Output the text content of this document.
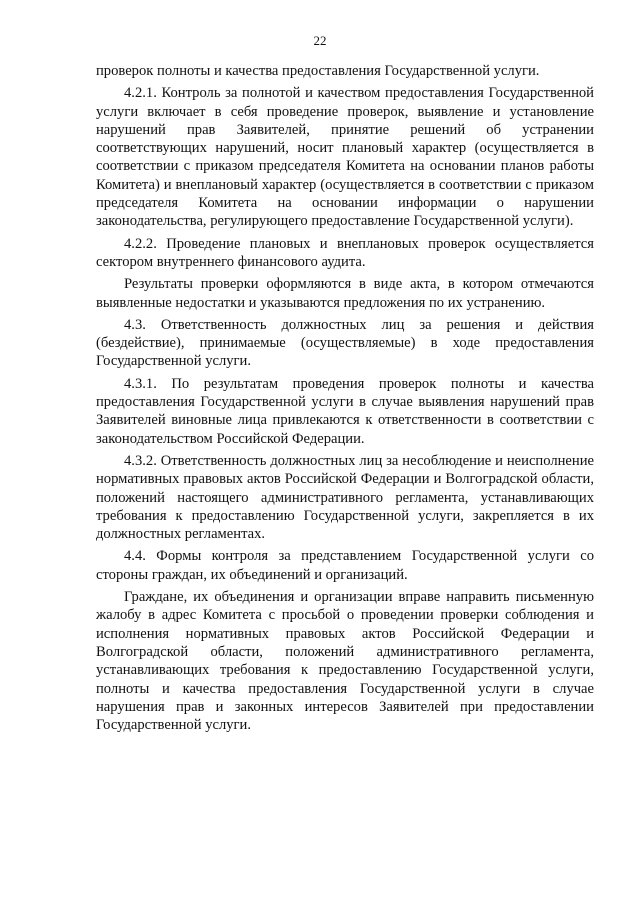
22

проверок полноты и качества предоставления Государственной услуги.

4.2.1. Контроль за полнотой и качеством предоставления Государственной услуги включает в себя проведение проверок, выявление и установление нарушений прав Заявителей, принятие решений об устранении соответствующих нарушений, носит плановый характер (осуществляется в соответствии с приказом председателя Комитета на основании планов работы Комитета) и внеплановый характер (осуществляется в соответствии с приказом председателя Комитета на основании информации о нарушении законодательства, регулирующего предоставление Государственной услуги).

4.2.2. Проведение плановых и внеплановых проверок осуществляется сектором внутреннего финансового аудита.

Результаты проверки оформляются в виде акта, в котором отмечаются выявленные недостатки и указываются предложения по их устранению.

4.3. Ответственность должностных лиц за решения и действия (бездействие), принимаемые (осуществляемые) в ходе предоставления Государственной услуги.

4.3.1. По результатам проведения проверок полноты и качества предоставления Государственной услуги в случае выявления нарушений прав Заявителей виновные лица привлекаются к ответственности в соответствии с законодательством Российской Федерации.

4.3.2. Ответственность должностных лиц за несоблюдение и неисполнение нормативных правовых актов Российской Федерации и Волгоградской области, положений настоящего административного регламента, устанавливающих требования к предоставлению Государственной услуги, закрепляется в их должностных регламентах.

4.4. Формы контроля за представлением Государственной услуги со стороны граждан, их объединений и организаций.

Граждане, их объединения и организации вправе направить письменную жалобу в адрес Комитета с просьбой о проведении проверки соблюдения и исполнения нормативных правовых актов Российской Федерации и Волгоградской области, положений административного регламента, устанавливающих требования к предоставлению Государственной услуги, полноты и качества предоставления Государственной услуги в случае нарушения прав и законных интересов Заявителей при предоставлении Государственной услуги.
